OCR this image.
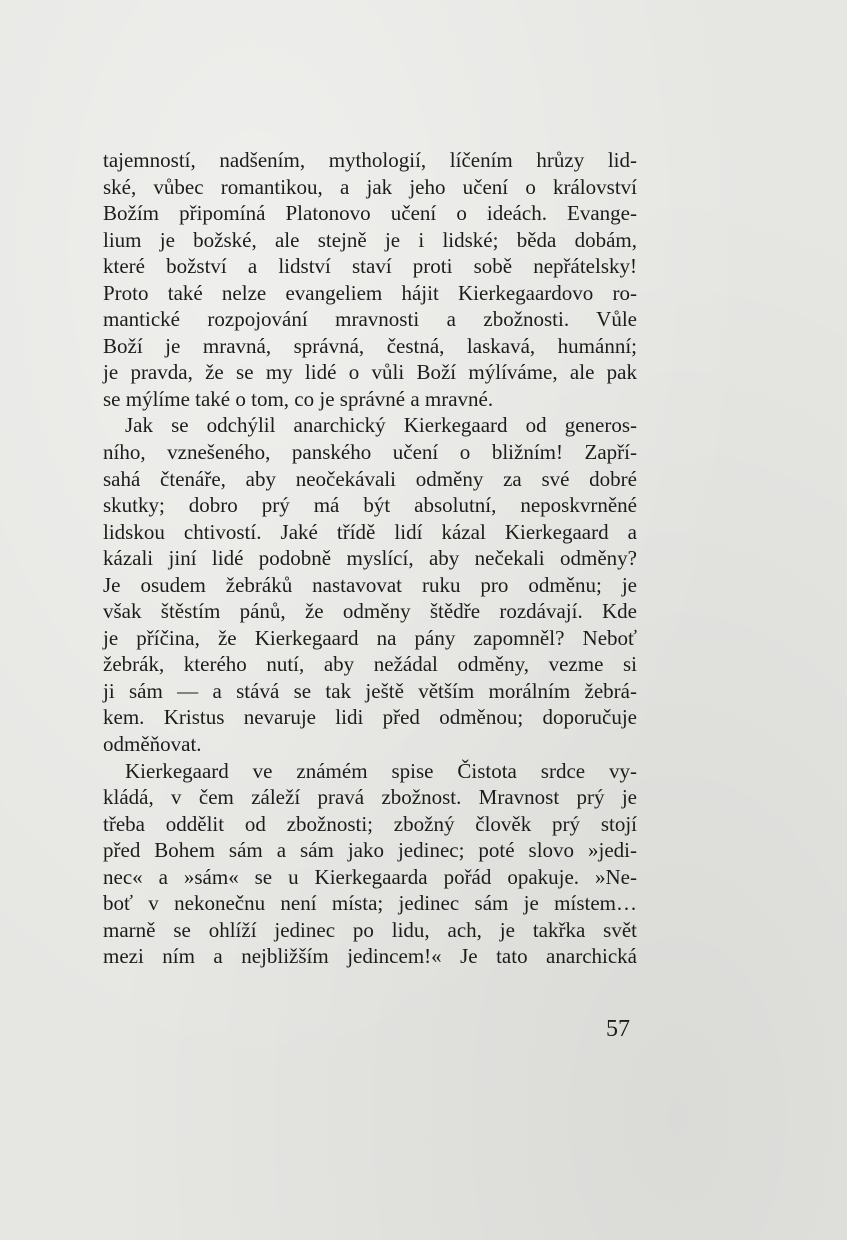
tajemností, nadšením, mythologií, líčením hrůzy lid‐
ské, vůbec romantikou, a jak jeho učení o království
Božím připomíná Platonovo učení o ideách. Evange‐
lium je božské, ale stejně je i lidské; běda dobám,
které božství a lidství staví proti sobě nepřátelsky!
Proto také nelze evangeliem hájit Kierkegaardovo ro‐
mantické rozpojování mravnosti a zbožnosti. Vůle
Boží je mravná, správná, čestná, laskavá, humánní;
je pravda, že se my lidé o vůli Boží mýlíváme, ale pak
se mýlíme také o tom, co je správné a mravné.
Jak se odchýlil anarchický Kierkegaard od generos‐
ního, vznešeného, panského učení o bližním! Zapří‐
sahá čtenáře, aby neočekávali odměny za své dobré
skutky; dobro prý má být absolutní, neposkvrněné
lidskou chtivostí. Jaké třídě lidí kázal Kierkegaard a
kázali jiní lidé podobně myslící, aby nečekali odměny?
Je osudem žebráků nastavovat ruku pro odměnu; je
však štěstím pánů, že odměny štědře rozdávají. Kde
je příčina, že Kierkegaard na pány zapomněl? Neboť
žebrák, kterého nutí, aby nežádal odměny, vezme si
ji sám — a stává se tak ještě větším morálním žebrá‐
kem. Kristus nevaruje lidi před odměnou; doporučuje
odměňovat.
Kierkegaard ve známém spise Čistota srdce vy‐
kládá, v čem záleží pravá zbožnost. Mravnost prý je
třeba oddělit od zbožnosti; zbožný člověk prý stojí
před Bohem sám a sám jako jedinec; poté slovo »jedi‐
nec« a »sám« se u Kierkegaarda pořád opakuje. »Ne‐
boť v nekonečnu není místa; jedinec sám je místem…
marně se ohlíží jedinec po lidu, ach, je takřka svět
mezi ním a nejbližším jedincem!« Je tato anarchická
57
